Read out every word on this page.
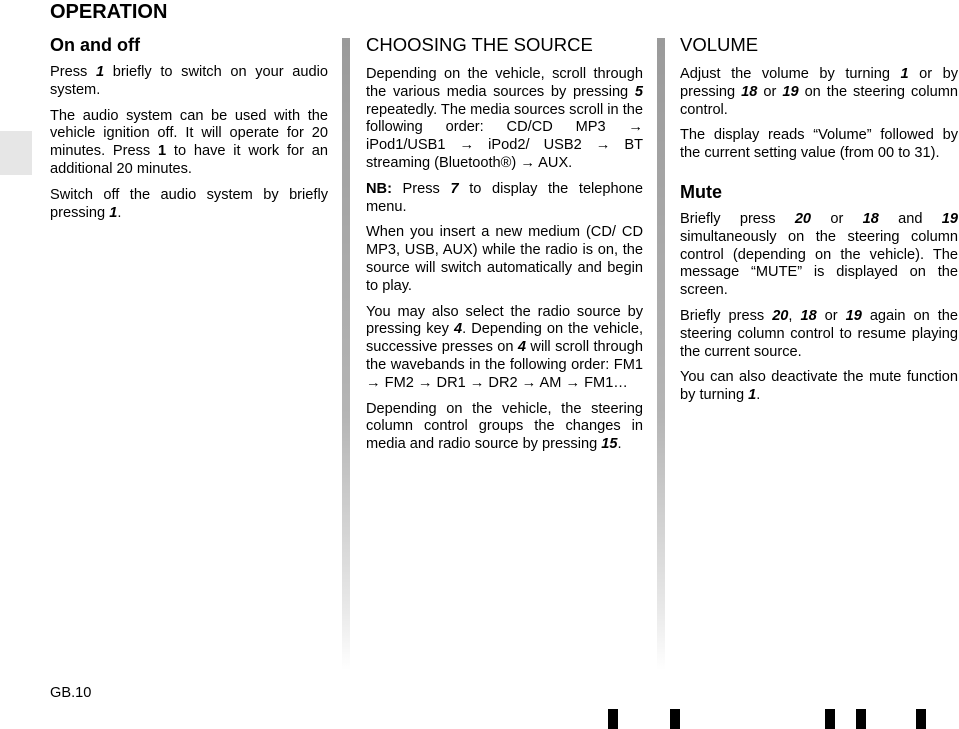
OPERATION
On and off

Press 1 briefly to switch on your audio system.

The audio system can be used with the vehicle ignition off. It will operate for 20 minutes. Press 1 to have it work for an additional 20 minutes.

Switch off the audio system by briefly pressing 1.

CHOOSING THE SOURCE

Depending on the vehicle, scroll through the various media sources by pressing 5 repeatedly. The media sources scroll in the following order: CD/CD MP3 → iPod1/USB1 → iPod2/ USB2 → BT streaming (Bluetooth®) → AUX.

NB: Press 7 to display the telephone menu.

When you insert a new medium (CD/ CD MP3, USB, AUX) while the radio is on, the source will switch automatically and begin to play.

You may also select the radio source by pressing key 4. Depending on the vehicle, successive presses on 4 will scroll through the wavebands in the following order: FM1 → FM2 → DR1 → DR2 → AM → FM1…

Depending on the vehicle, the steering column control groups the changes in media and radio source by pressing 15.

VOLUME

Adjust the volume by turning 1 or by pressing 18 or 19 on the steering column control.

The display reads “Volume” followed by the current setting value (from 00 to 31).

Mute

Briefly press 20 or 18 and 19 simultaneously on the steering column control (depending on the vehicle). The message “MUTE” is displayed on the screen.

Briefly press 20, 18 or 19 again on the steering column control to resume playing the current source.

You can also deactivate the mute function by turning 1.

GB.10
